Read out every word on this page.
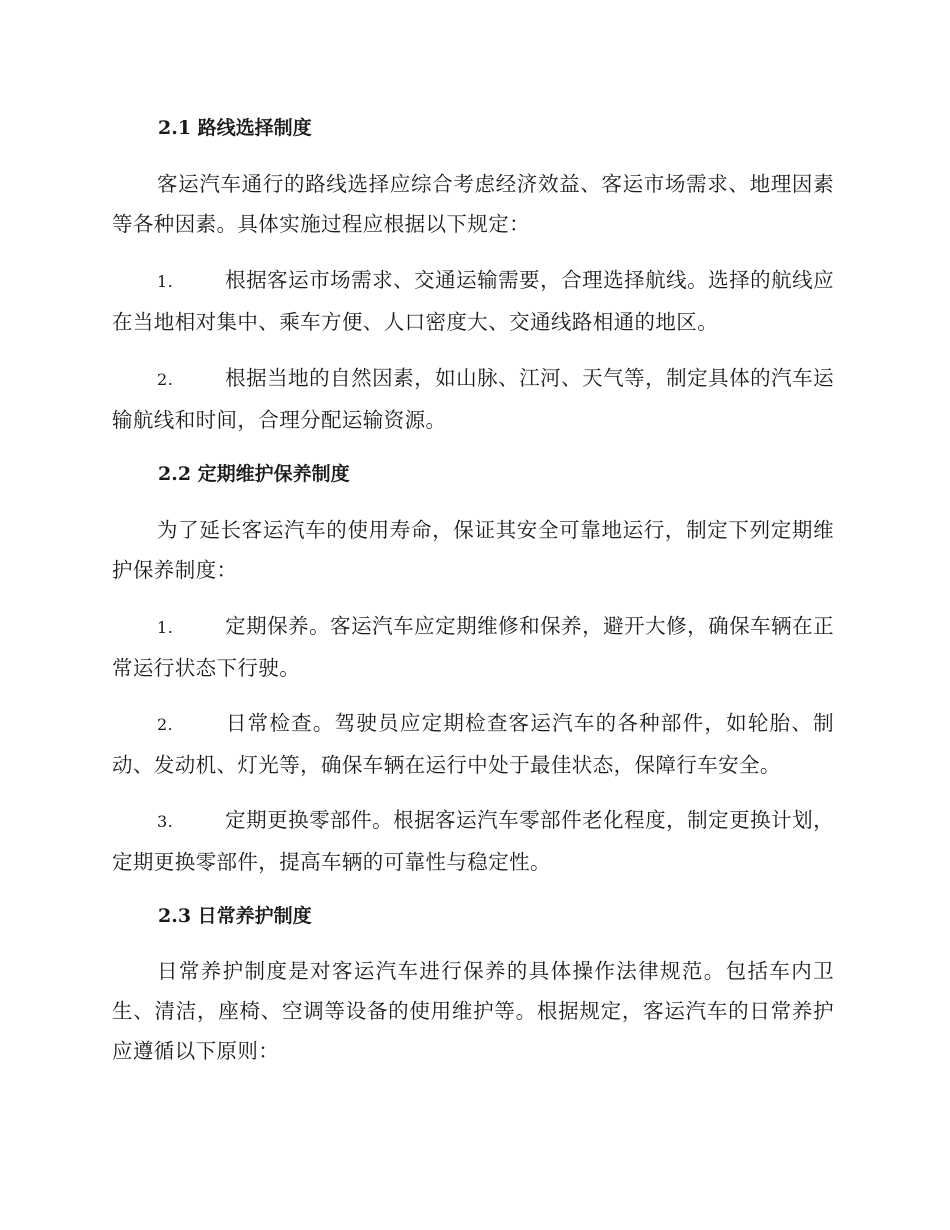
2.1 路线选择制度
客运汽车通行的路线选择应综合考虑经济效益、客运市场需求、地理因素等各种因素。具体实施过程应根据以下规定：
1.	根据客运市场需求、交通运输需要，合理选择航线。选择的航线应在当地相对集中、乘车方便、人口密度大、交通线路相通的地区。
2.	根据当地的自然因素，如山脉、江河、天气等，制定具体的汽车运输航线和时间，合理分配运输资源。
2.2 定期维护保养制度
为了延长客运汽车的使用寿命，保证其安全可靠地运行，制定下列定期维护保养制度：
1.	定期保养。客运汽车应定期维修和保养，避开大修，确保车辆在正常运行状态下行驶。
2.	日常检查。驾驶员应定期检查客运汽车的各种部件，如轮胎、制动、发动机、灯光等，确保车辆在运行中处于最佳状态，保障行车安全。
3.	定期更换零部件。根据客运汽车零部件老化程度，制定更换计划，定期更换零部件，提高车辆的可靠性与稳定性。
2.3 日常养护制度
日常养护制度是对客运汽车进行保养的具体操作法律规范。包括车内卫生、清洁，座椅、空调等设备的使用维护等。根据规定，客运汽车的日常养护应遵循以下原则：
